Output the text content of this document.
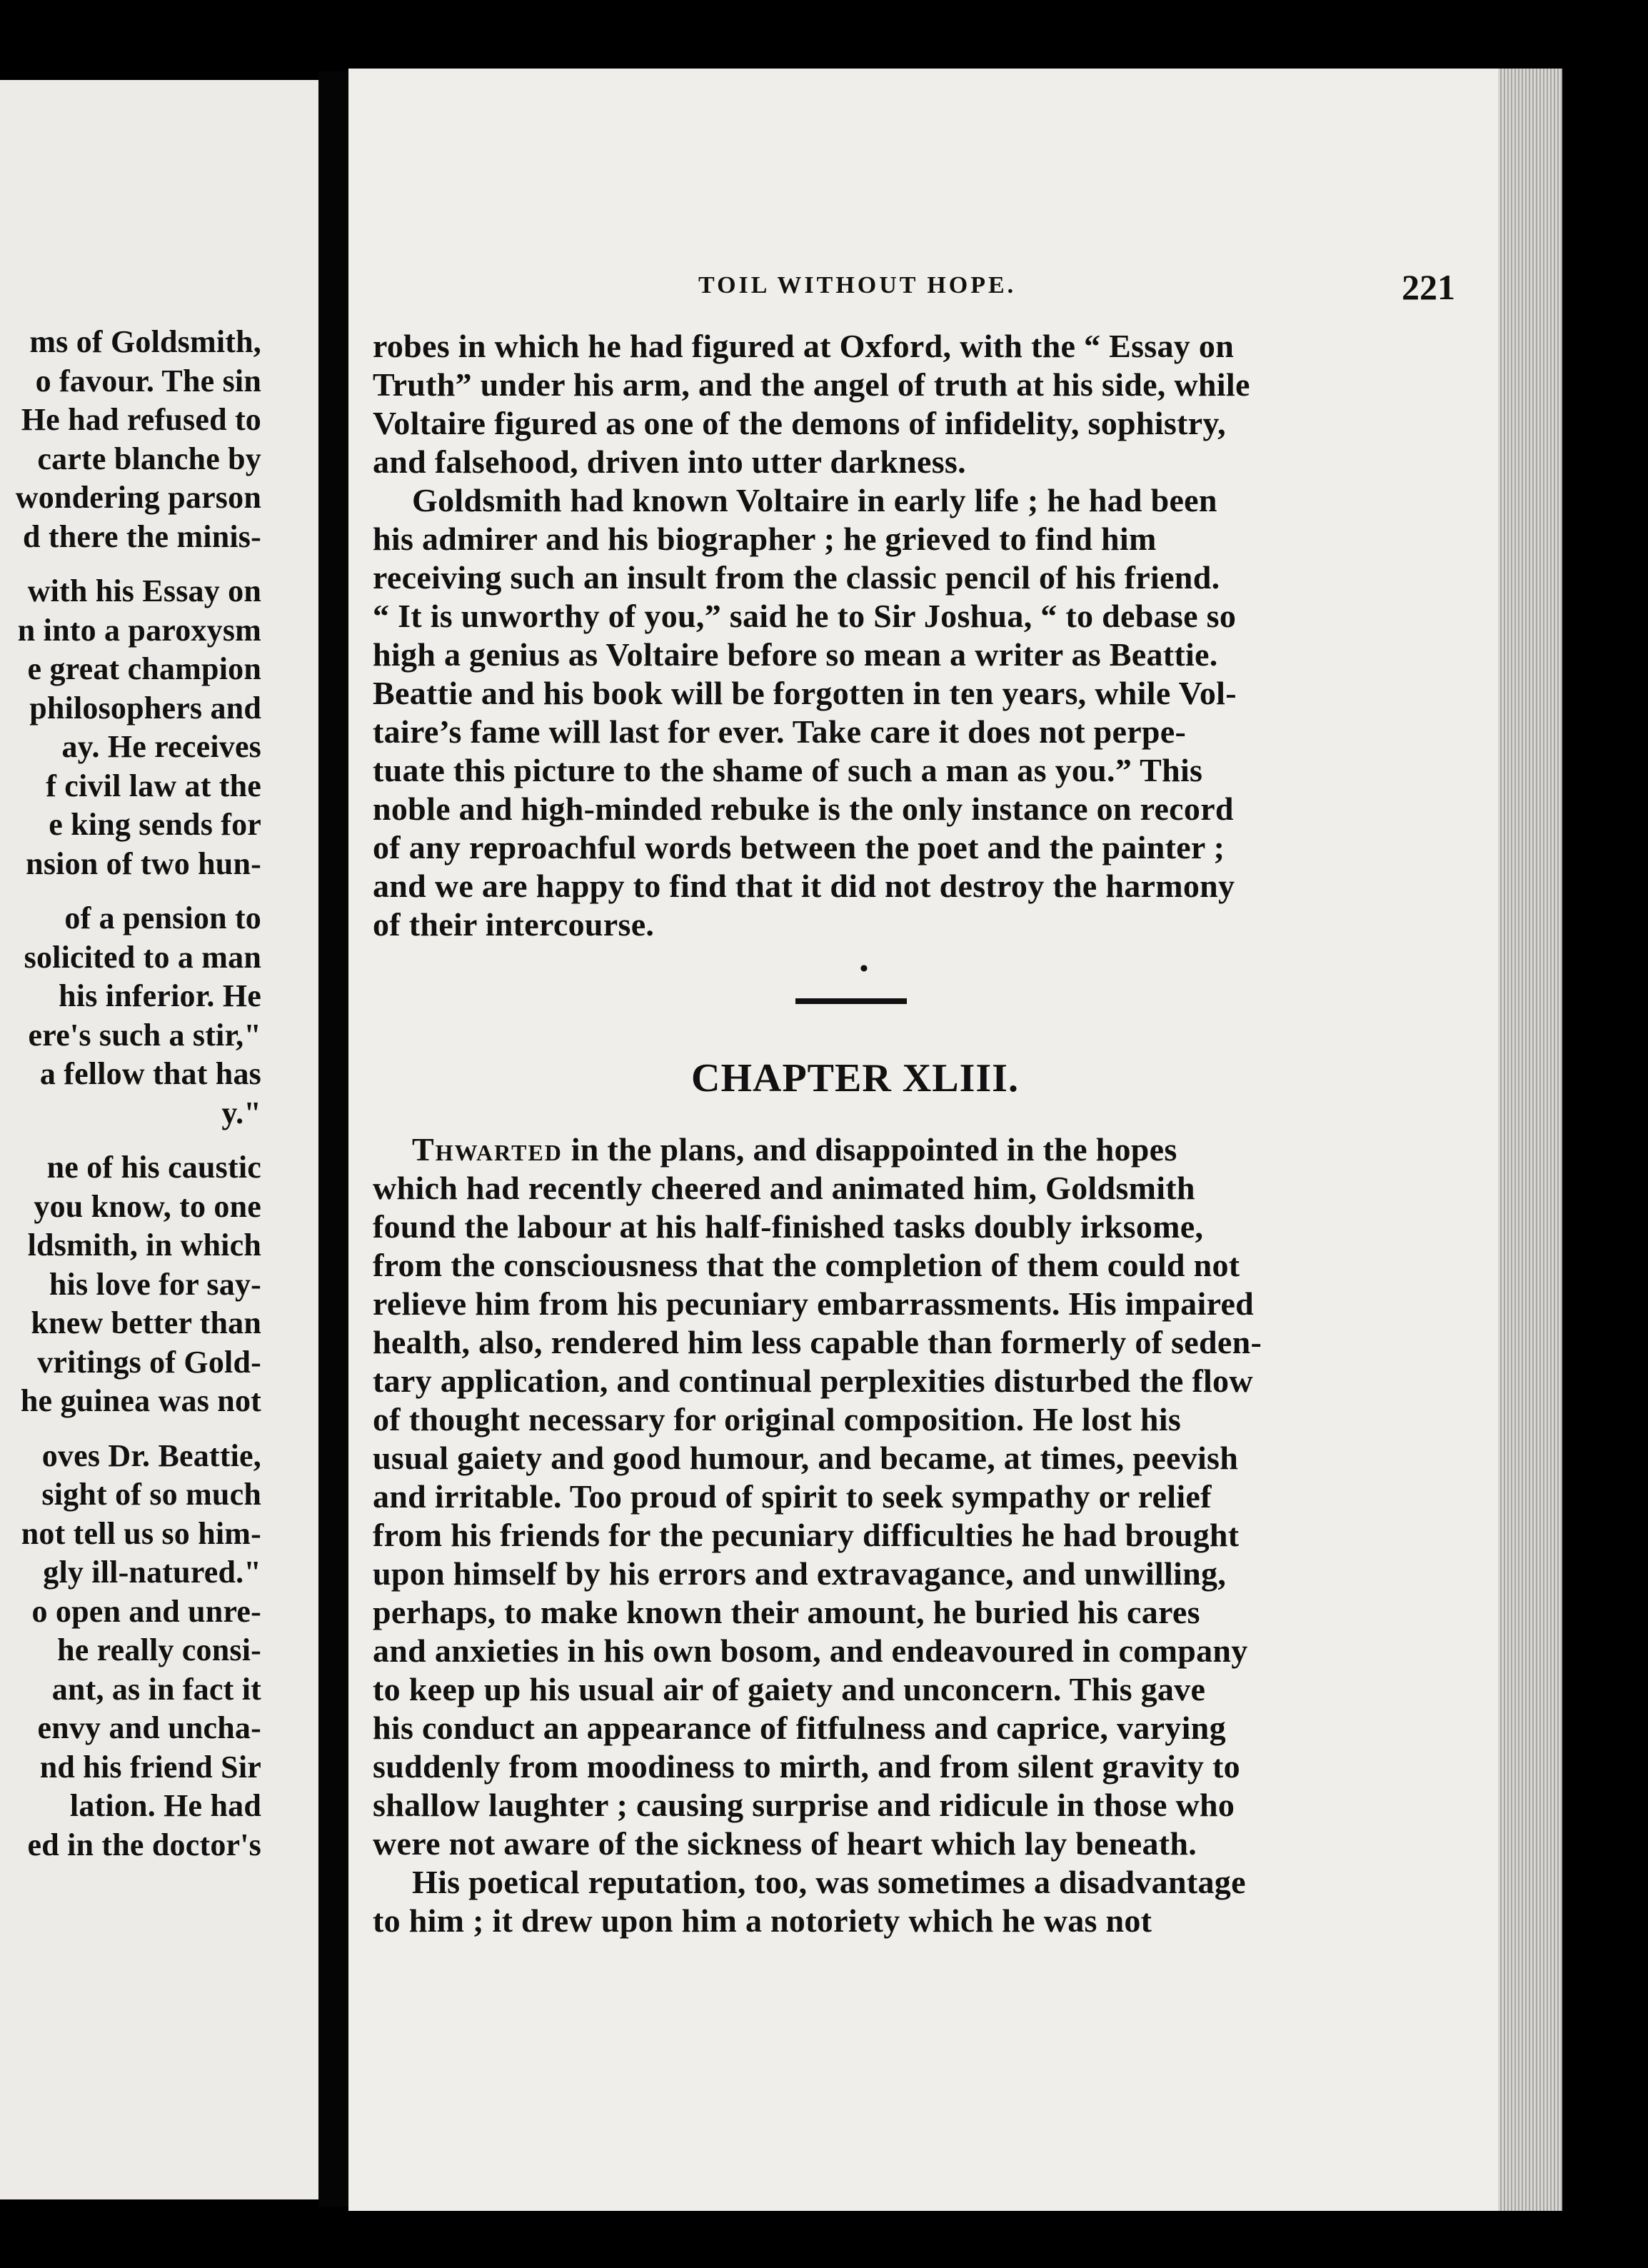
ms of Goldsmith,
o favour. The sin
He had refused to
carte blanche by
wondering parson
d there the minis-
with his Essay on
n into a paroxysm
e great champion
philosophers and
ay. He receives
f civil law at the
e king sends for
nsion of two hun-
of a pension to
solicited to a man
his inferior. He
ere's such a stir,"
a fellow that has
y."
ne of his caustic
you know, to one
ldsmith, in which
his love for say-
knew better than
vritings of Gold-
he guinea was not
oves Dr. Beattie,
sight of so much
not tell us so him-
gly ill-natured."
o open and unre-
he really consi-
ant, as in fact it
envy and uncha-
nd his friend Sir
lation. He had
ed in the doctor's
TOIL WITHOUT HOPE.	221
robes in which he had figured at Oxford, with the “ Essay on
Truth” under his arm, and the angel of truth at his side, while
Voltaire figured as one of the demons of infidelity, sophistry,
and falsehood, driven into utter darkness.
Goldsmith had known Voltaire in early life ; he had been
his admirer and his biographer ; he grieved to find him
receiving such an insult from the classic pencil of his friend.
“ It is unworthy of you,” said he to Sir Joshua, “ to debase so
high a genius as Voltaire before so mean a writer as Beattie.
Beattie and his book will be forgotten in ten years, while Vol-
taire’s fame will last for ever. Take care it does not perpe-
tuate this picture to the shame of such a man as you.” This
noble and high-minded rebuke is the only instance on record
of any reproachful words between the poet and the painter ;
and we are happy to find that it did not destroy the harmony
of their intercourse.
•
CHAPTER XLIII.
Thwarted in the plans, and disappointed in the hopes
which had recently cheered and animated him, Goldsmith
found the labour at his half-finished tasks doubly irksome,
from the consciousness that the completion of them could not
relieve him from his pecuniary embarrassments. His impaired
health, also, rendered him less capable than formerly of seden-
tary application, and continual perplexities disturbed the flow
of thought necessary for original composition. He lost his
usual gaiety and good humour, and became, at times, peevish
and irritable. Too proud of spirit to seek sympathy or relief
from his friends for the pecuniary difficulties he had brought
upon himself by his errors and extravagance, and unwilling,
perhaps, to make known their amount, he buried his cares
and anxieties in his own bosom, and endeavoured in company
to keep up his usual air of gaiety and unconcern. This gave
his conduct an appearance of fitfulness and caprice, varying
suddenly from moodiness to mirth, and from silent gravity to
shallow laughter ; causing surprise and ridicule in those who
were not aware of the sickness of heart which lay beneath.
His poetical reputation, too, was sometimes a disadvantage
to him ; it drew upon him a notoriety which he was not
